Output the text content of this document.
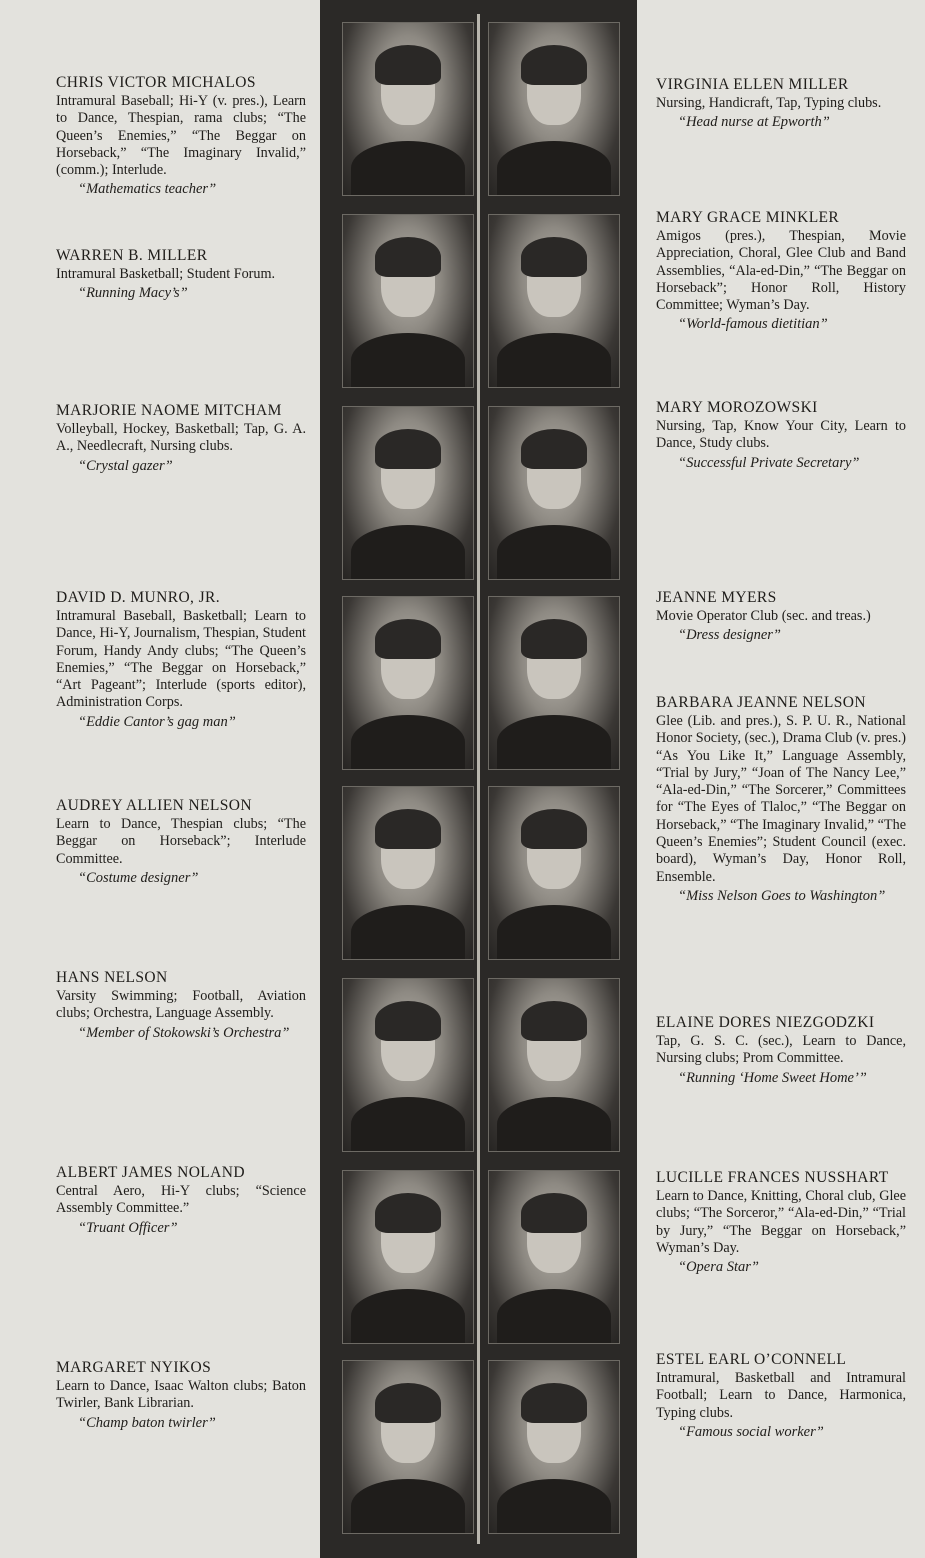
CHRIS VICTOR MICHALOS
Intramural Baseball; Hi-Y (v. pres.), Learn to Dance, Thespian, rama clubs; “The Queen’s Enemies,” “The Beggar on Horseback,” “The Imaginary Invalid,” (comm.); Interlude.
“Mathematics teacher”
WARREN B. MILLER
Intramural Basketball; Student Forum.
“Running Macy’s”
MARJORIE NAOME MITCHAM
Volleyball, Hockey, Basketball; Tap, G. A. A., Needlecraft, Nursing clubs.
“Crystal gazer”
DAVID D. MUNRO, JR.
Intramural Baseball, Basketball; Learn to Dance, Hi-Y, Journalism, Thespian, Student Forum, Handy Andy clubs; “The Queen’s Enemies,” “The Beggar on Horseback,” “Art Pageant”; Interlude (sports editor), Administration Corps.
“Eddie Cantor’s gag man”
AUDREY ALLIEN NELSON
Learn to Dance, Thespian clubs; “The Beggar on Horseback”; Interlude Committee.
“Costume designer”
HANS NELSON
Varsity Swimming; Football, Aviation clubs; Orchestra, Language Assembly.
“Member of Stokowski’s Orchestra”
ALBERT JAMES NOLAND
Central Aero, Hi-Y clubs; “Science Assembly Committee.”
“Truant Officer”
MARGARET NYIKOS
Learn to Dance, Isaac Walton clubs; Baton Twirler, Bank Librarian.
“Champ baton twirler”
VIRGINIA ELLEN MILLER
Nursing, Handicraft, Tap, Typing clubs.
“Head nurse at Epworth”
MARY GRACE MINKLER
Amigos (pres.), Thespian, Movie Appreciation, Choral, Glee Club and Band Assemblies, “Ala-ed-Din,” “The Beggar on Horseback”; Honor Roll, History Committee; Wyman’s Day.
“World-famous dietitian”
MARY MOROZOWSKI
Nursing, Tap, Know Your City, Learn to Dance, Study clubs.
“Successful Private Secretary”
JEANNE MYERS
Movie Operator Club (sec. and treas.)
“Dress designer”
BARBARA JEANNE NELSON
Glee (Lib. and pres.), S. P. U. R., National Honor Society, (sec.), Drama Club (v. pres.) “As You Like It,” Language Assembly, “Trial by Jury,” “Joan of The Nancy Lee,” “Ala-ed-Din,” “The Sorcerer,” Committees for “The Eyes of Tlaloc,” “The Beggar on Horseback,” “The Imaginary Invalid,” “The Queen’s Enemies”; Student Council (exec. board), Wyman’s Day, Honor Roll, Ensemble.
“Miss Nelson Goes to Washington”
ELAINE DORES NIEZGODZKI
Tap, G. S. C. (sec.), Learn to Dance, Nursing clubs; Prom Committee.
“Running ‘Home Sweet Home’”
LUCILLE FRANCES NUSSHART
Learn to Dance, Knitting, Choral club, Glee clubs; “The Sorceror,” “Ala-ed-Din,” “Trial by Jury,” “The Beggar on Horseback,” Wyman’s Day.
“Opera Star”
ESTEL EARL O’CONNELL
Intramural, Basketball and Intramural Football; Learn to Dance, Harmonica, Typing clubs.
“Famous social worker”
